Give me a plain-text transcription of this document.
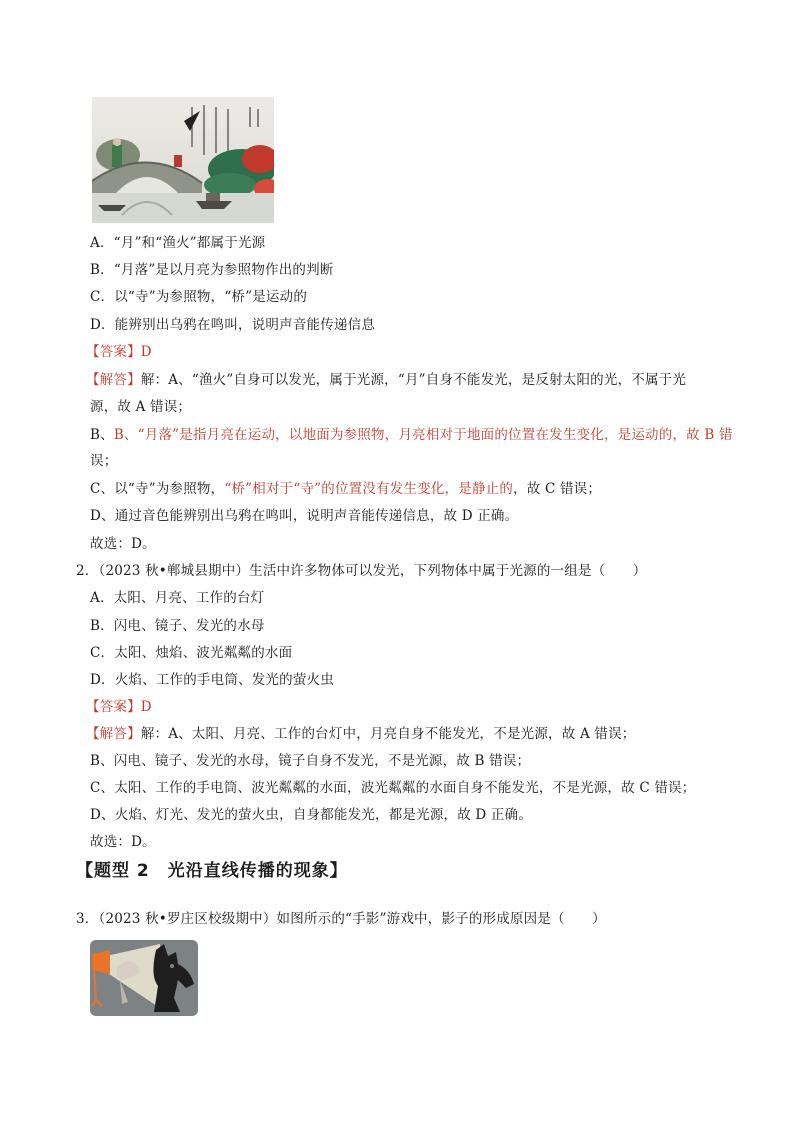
A．“月”和“渔火”都属于光源
B．“月落”是以月亮为参照物作出的判断
C．以“寺”为参照物，“桥”是运动的
D．能辨别出乌鸦在鸣叫，说明声音能传递信息
【答案】D
【解答】解：A、“渔火”自身可以发光，属于光源，“月”自身不能发光，是反射太阳的光，不属于光
源，故 A 错误；
B、B、“月落”是指月亮在运动，以地面为参照物，月亮相对于地面的位置在发生变化，是运动的，故 B 错
误；
C、以“寺”为参照物，“桥”相对于“寺”的位置没有发生变化，是静止的，故 C 错误；
D、通过音色能辨别出乌鸦在鸣叫，说明声音能传递信息，故 D 正确。
故选：D。
2．（2023 秋•郸城县期中）生活中许多物体可以发光，下列物体中属于光源的一组是（　　）
A．太阳、月亮、工作的台灯
B．闪电、镜子、发光的水母
C．太阳、烛焰、波光粼粼的水面
D．火焰、工作的手电筒、发光的萤火虫
【答案】D
【解答】解：A、太阳、月亮、工作的台灯中，月亮自身不能发光，不是光源，故 A 错误；
B、闪电、镜子、发光的水母，镜子自身不发光，不是光源，故 B 错误；
C、太阳、工作的手电筒、波光粼粼的水面，波光粼粼的水面自身不能发光，不是光源，故 C 错误；
D、火焰、灯光、发光的萤火虫，自身都能发光，都是光源，故 D 正确。
故选：D。
【题型 2　光沿直线传播的现象】
3．（2023 秋•罗庄区校级期中）如图所示的“手影”游戏中，影子的形成原因是（　　）
